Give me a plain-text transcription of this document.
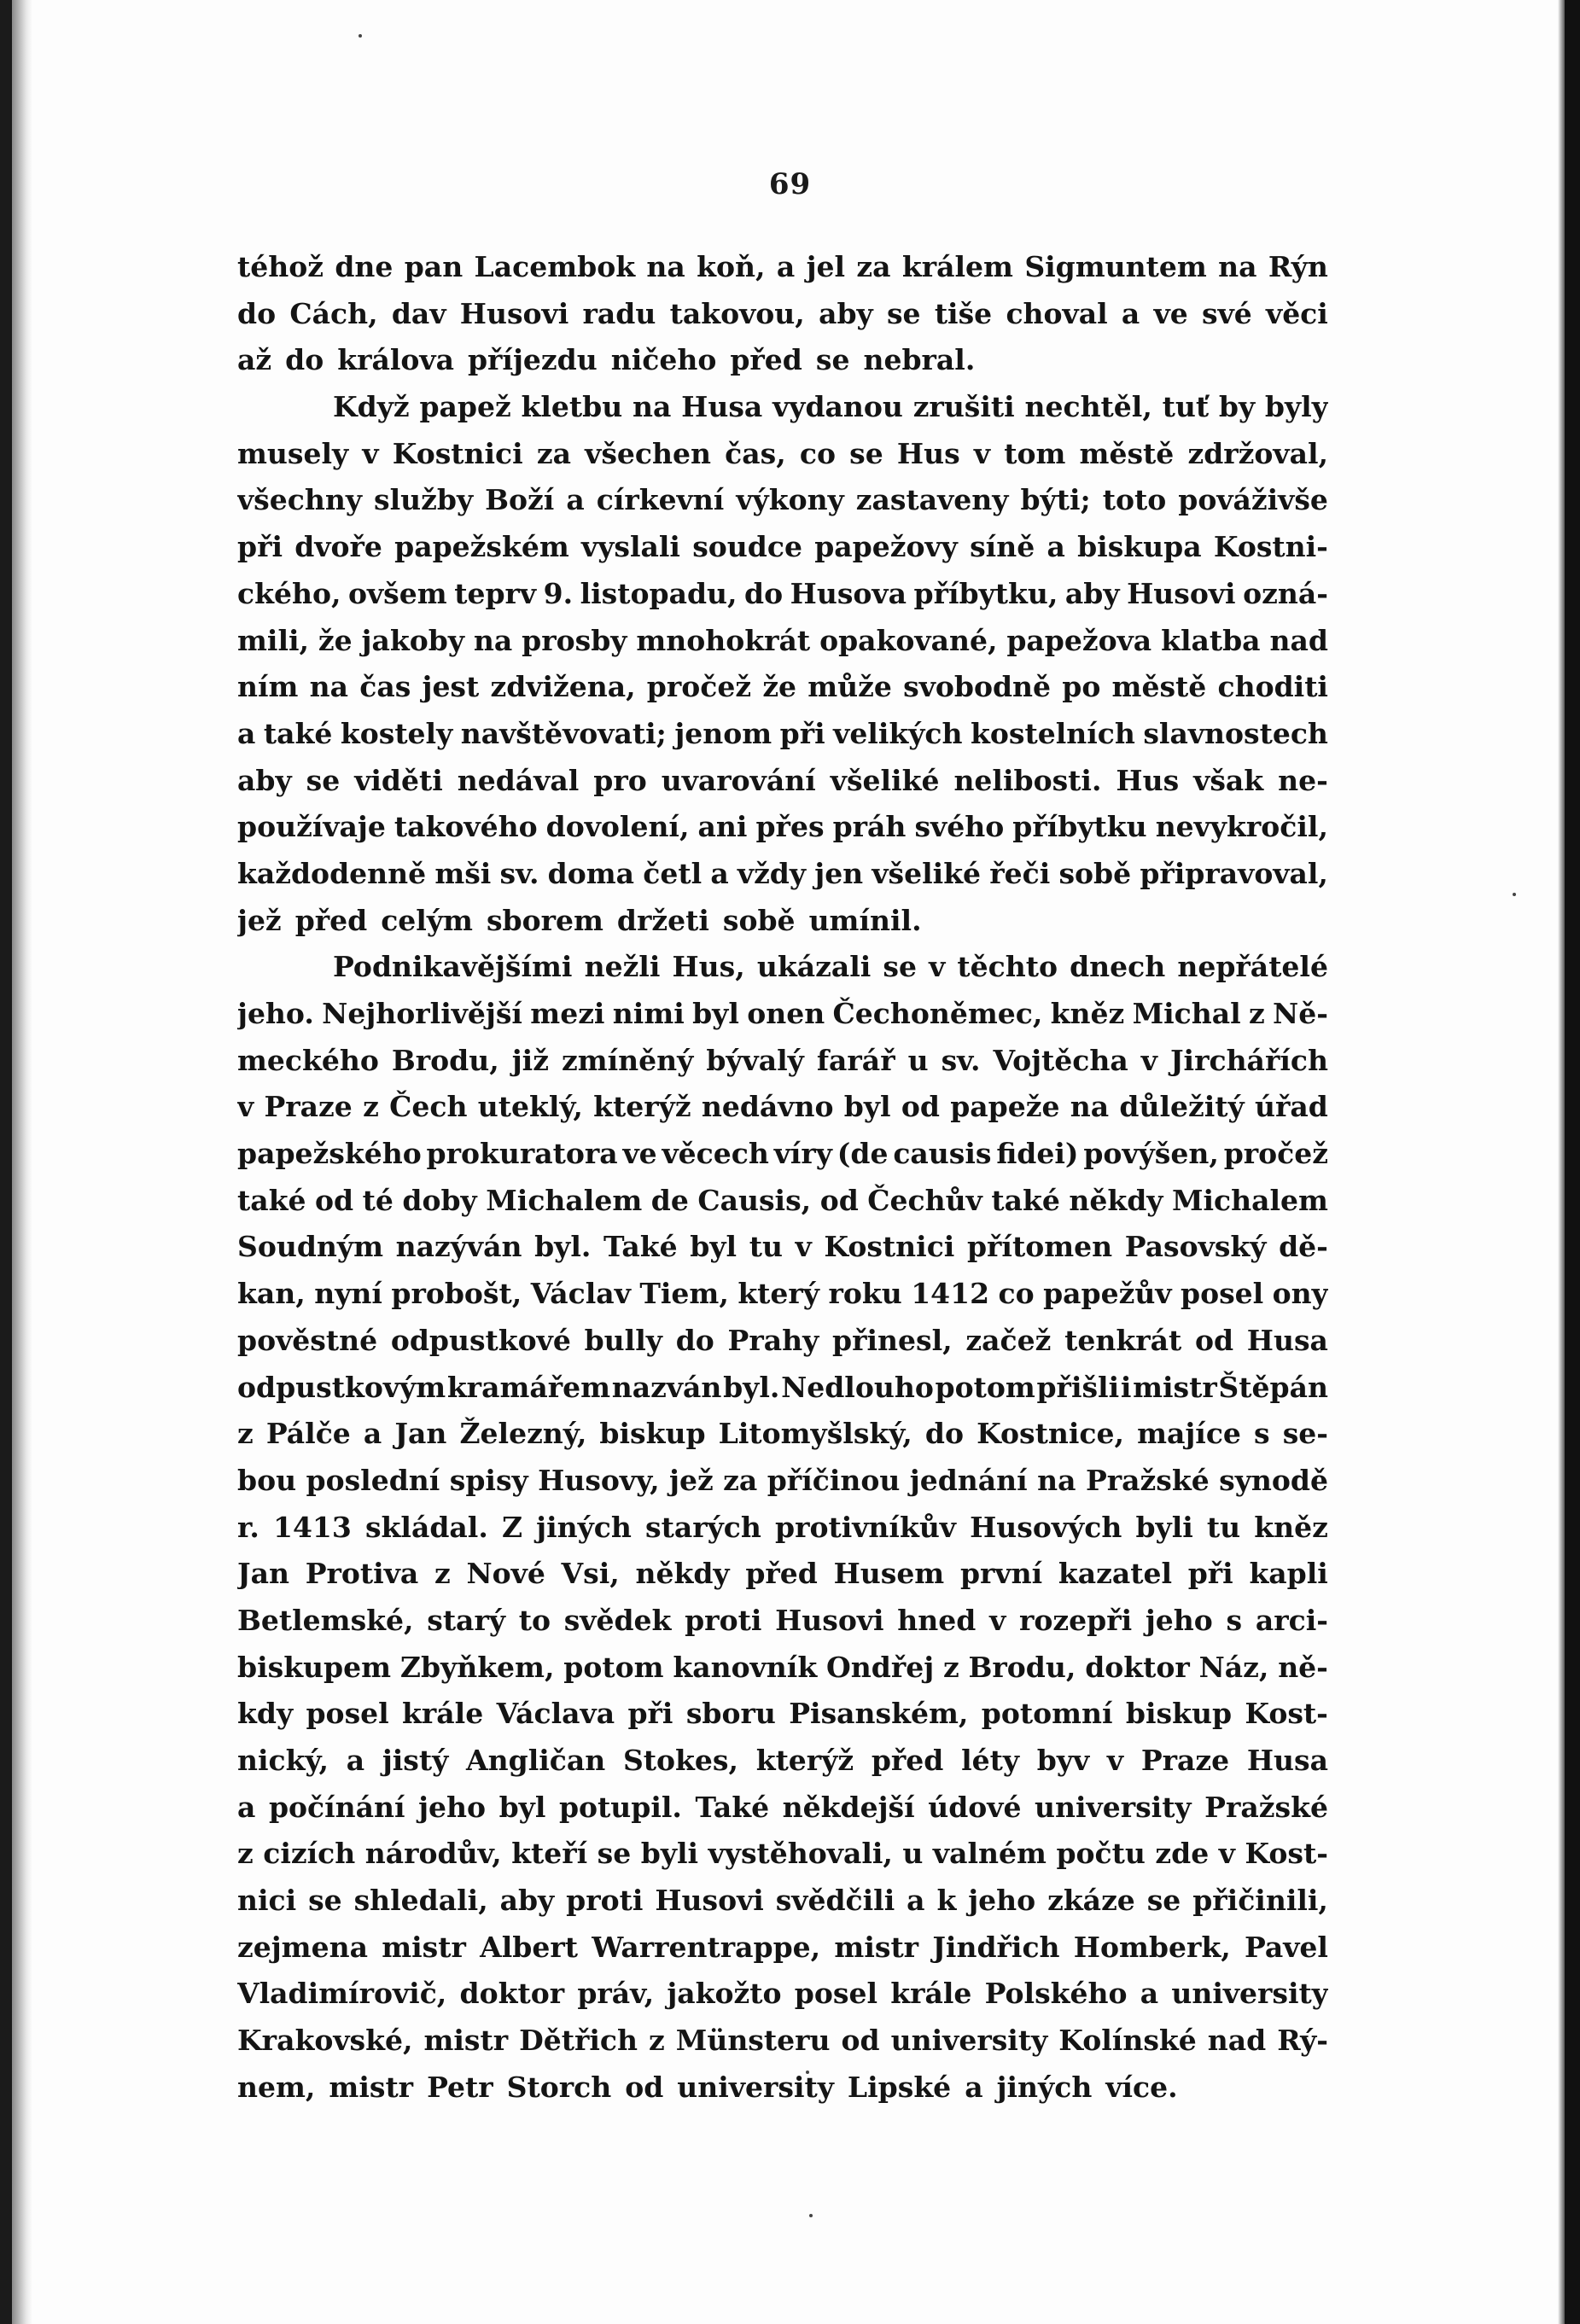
69
téhož dne pan Lacembok na koň, a jel za králem Sigmuntem na Rýn
do Cách, dav Husovi radu takovou, aby se tiše choval a ve své věci
až do králova příjezdu ničeho před se nebral.
Když papež kletbu na Husa vydanou zrušiti nechtěl, tuť by byly
musely v Kostnici za všechen čas, co se Hus v tom městě zdržoval,
všechny služby Boží a církevní výkony zastaveny býti; toto pováživše
při dvoře papežském vyslali soudce papežovy síně a biskupa Kostni-
ckého, ovšem teprv 9. listopadu, do Husova příbytku, aby Husovi ozná-
mili, že jakoby na prosby mnohokrát opakované, papežova klatba nad
ním na čas jest zdvižena, pročež že může svobodně po městě choditi
a také kostely navštěvovati; jenom při velikých kostelních slavnostech
aby se viděti nedával pro uvarování všeliké nelibosti. Hus však ne-
používaje takového dovolení, ani přes práh svého příbytku nevykročil,
každodenně mši sv. doma četl a vždy jen všeliké řeči sobě připravoval,
jež před celým sborem držeti sobě umínil.
Podnikavějšími nežli Hus, ukázali se v těchto dnech nepřátelé
jeho. Nejhorlivější mezi nimi byl onen Čechoněmec, kněz Michal z Ně-
meckého Brodu, již zmíněný bývalý farář u sv. Vojtěcha v Jirchářích
v Praze z Čech uteklý, kterýž nedávno byl od papeže na důležitý úřad
papežského prokuratora ve věcech víry (de causis fidei) povýšen, pročež
také od té doby Michalem de Causis, od Čechův také někdy Michalem
Soudným nazýván byl. Také byl tu v Kostnici přítomen Pasovský dě-
kan, nyní probošt, Václav Tiem, který roku 1412 co papežův posel ony
pověstné odpustkové bully do Prahy přinesl, začež tenkrát od Husa
odpustkovým kramářem nazván byl. Nedlouho potom přišli i mistr Štěpán
z Pálče a Jan Železný, biskup Litomyšlský, do Kostnice, majíce s se-
bou poslední spisy Husovy, jež za příčinou jednání na Pražské synodě
r. 1413 skládal. Z jiných starých protivníkův Husových byli tu kněz
Jan Protiva z Nové Vsi, někdy před Husem první kazatel při kapli
Betlemské, starý to svědek proti Husovi hned v rozepři jeho s arci-
biskupem Zbyňkem, potom kanovník Ondřej z Brodu, doktor Náz, ně-
kdy posel krále Václava při sboru Pisanském, potomní biskup Kost-
nický, a jistý Angličan Stokes, kterýž před léty byv v Praze Husa
a počínání jeho byl potupil. Také někdejší údové university Pražské
z cizích národův, kteří se byli vystěhovali, u valném počtu zde v Kost-
nici se shledali, aby proti Husovi svědčili a k jeho zkáze se přičinili,
zejmena mistr Albert Warrentrappe, mistr Jindřich Homberk, Pavel
Vladimírovič, doktor práv, jakožto posel krále Polského a university
Krakovské, mistr Dětřich z Münsteru od university Kolínské nad Rý-
nem, mistr Petr Storch od university Lipské a jiných více.
